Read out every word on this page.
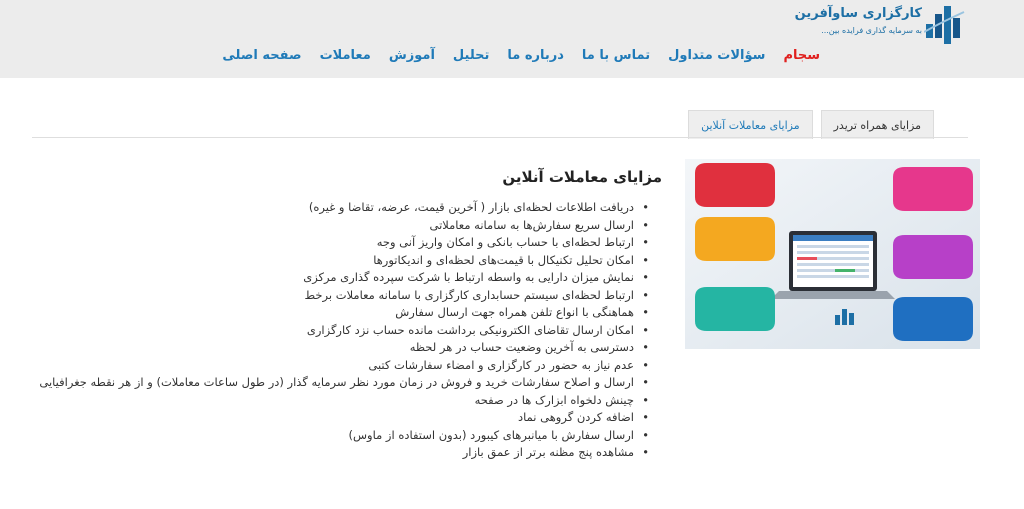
کارگزاری ساوآفرین
به سرمایه گذاری فرایده بین...
صفحه اصلی معاملات آموزش تحلیل درباره ما تماس با ما سؤالات متداول سجام
مزایای معاملات آنلاین	مزایای همراه تریدر
مزایای معاملات آنلاین
• دریافت اطلاعات لحظه‌ای بازار ( آخرین قیمت، عرضه، تقاضا و غیره)
• ارسال سریع سفارش‌ها به سامانه معاملاتی
• ارتباط لحظه‌ای با حساب بانکی و امکان واریز آنی وجه
• امکان تحلیل تکنیکال با قیمت‌های لحظه‌ای و اندیکاتورها
• نمایش میزان دارایی به واسطه ارتباط با شرکت سپرده گذاری مرکزی
• ارتباط لحظه‌ای سیستم حسابداری کارگزاری با سامانه معاملات برخط
• هماهنگی با انواع تلفن همراه جهت ارسال سفارش
• امکان ارسال تقاضای الکترونیکی برداشت مانده حساب نزد کارگزاری
• دسترسی به آخرین وضعیت حساب در هر لحظه
• عدم نیاز به حضور در کارگزاری و امضاء سفارشات کتبی
• ارسال و اصلاح سفارشات خرید و فروش در زمان مورد نظر سرمایه گذار (در طول ساعات معاملات) و از هر نقطه جغرافیایی
• چینش دلخواه ابزارک ها در صفحه
• اضافه کردن گروهی نماد
• ارسال سفارش با میانبرهای کیبورد (بدون استفاده از ماوس)
• مشاهده پنج مظنه برتر از عمق بازار
